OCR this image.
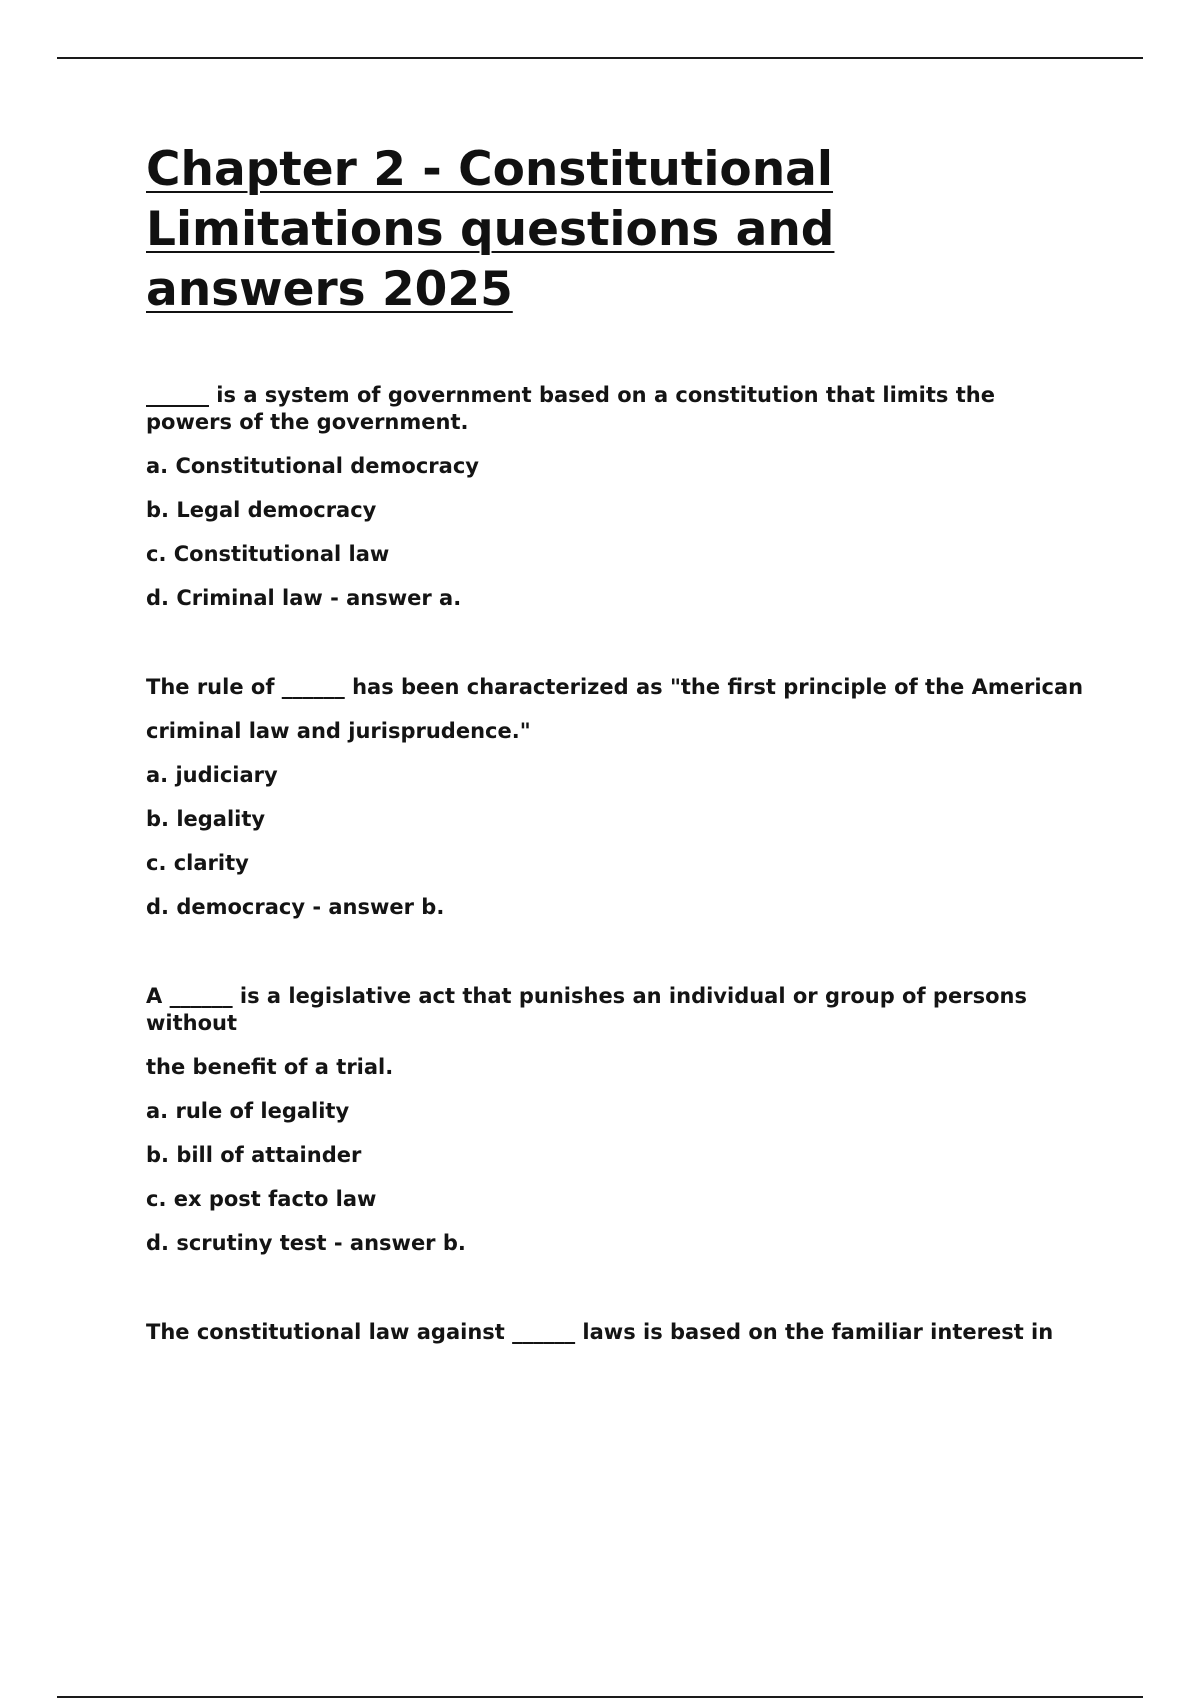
Chapter 2 - Constitutional Limitations questions and answers 2025

______ is a system of government based on a constitution that limits the powers of the government.

a. Constitutional democracy

b. Legal democracy

c. Constitutional law

d. Criminal law - answer a.

The rule of ______ has been characterized as "the first principle of the American

criminal law and jurisprudence."

a. judiciary

b. legality

c. clarity

d. democracy - answer b.

A ______ is a legislative act that punishes an individual or group of persons without

the benefit of a trial.

a. rule of legality

b. bill of attainder

c. ex post facto law

d. scrutiny test - answer b.

The constitutional law against ______ laws is based on the familiar interest in
